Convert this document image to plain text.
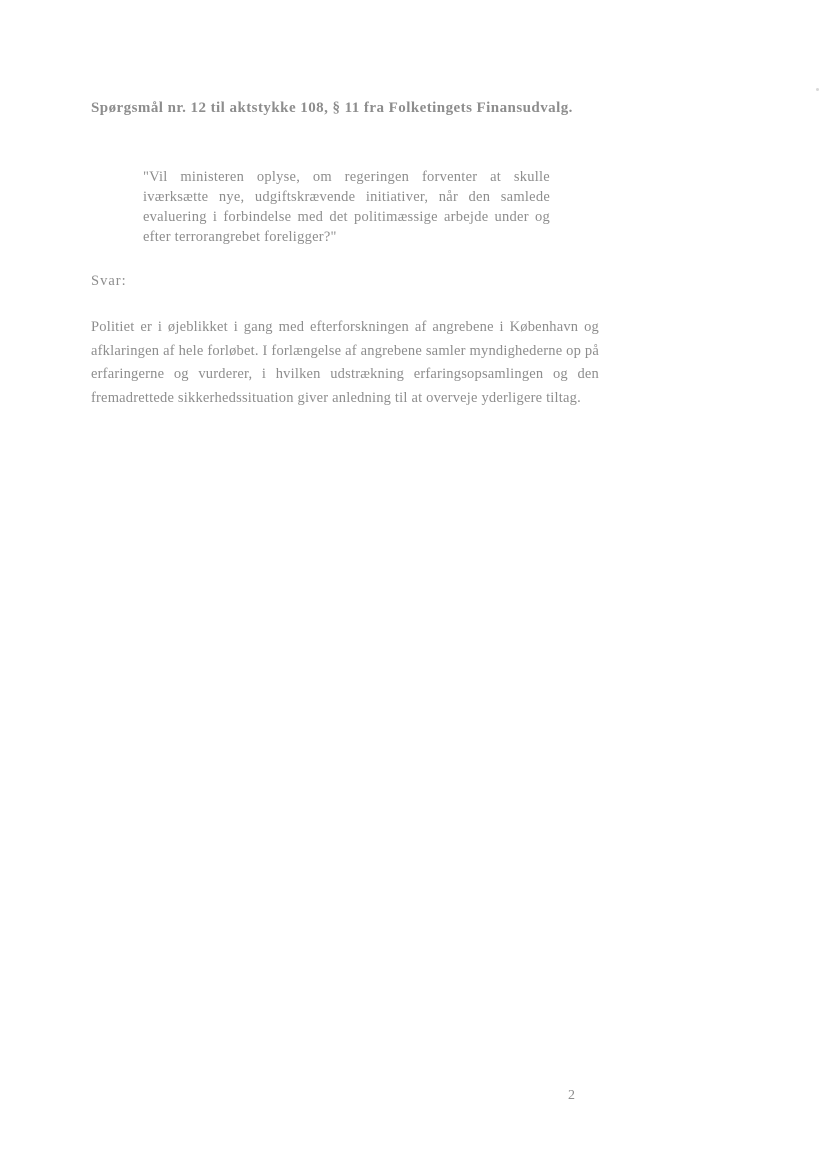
Spørgsmål nr. 12 til aktstykke 108, § 11 fra Folketingets Finansudvalg.
"Vil ministeren oplyse, om regeringen forventer at skulle iværksætte nye, udgiftskrævende initiativer, når den samlede evaluering i forbindelse med det politimæssige arbejde under og efter terrorangrebet foreligger?"
Svar:
Politiet er i øjeblikket i gang med efterforskningen af angrebene i København og afklaringen af hele forløbet. I forlængelse af angrebene samler myndighederne op på erfaringerne og vurderer, i hvilken udstrækning erfaringsopsamlingen og den fremadrettede sikkerhedssituation giver anledning til at overveje yderligere tiltag.
2
